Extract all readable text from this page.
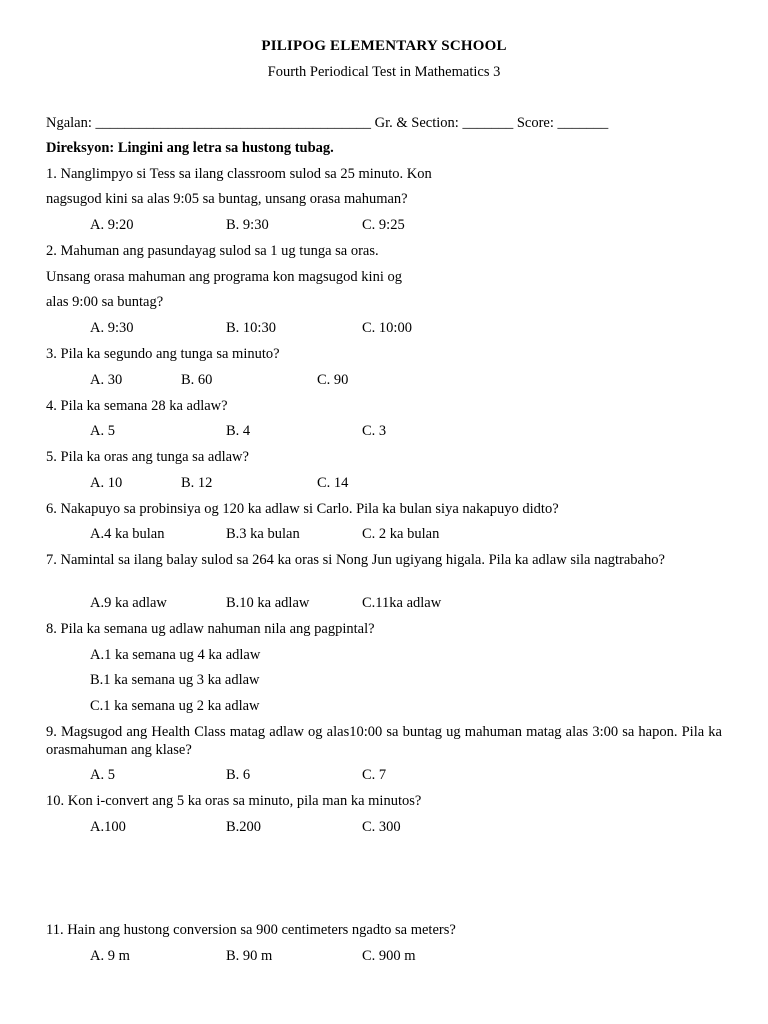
PILIPOG ELEMENTARY SCHOOL
Fourth Periodical Test in Mathematics 3
Ngalan: ______________________________________ Gr. & Section: _______ Score: _______
Direksyon: Lingini ang letra sa hustong tubag.
1. Nanglimpyo si Tess sa ilang classroom sulod sa 25 minuto. Kon
nagsugod kini sa alas 9:05 sa buntag, unsang orasa mahuman?
A. 9:20	B. 9:30	C. 9:25
2. Mahuman ang pasundayag sulod sa 1 ug tunga sa oras.
Unsang orasa mahuman ang programa kon magsugod kini og
alas 9:00 sa buntag?
A. 9:30	B. 10:30	C. 10:00
3. Pila ka segundo ang tunga sa minuto?
A. 30	B. 60	C. 90
4. Pila ka semana 28 ka adlaw?
A. 5	B. 4	C. 3
5. Pila ka oras ang tunga sa adlaw?
A. 10	B. 12	C. 14
6. Nakapuyo sa probinsiya og 120 ka adlaw si Carlo. Pila ka bulan siya nakapuyo didto?
A.4 ka bulan	B.3 ka bulan	C. 2 ka bulan
7. Namintal sa ilang balay sulod sa 264 ka oras si Nong Jun ugiyang higala. Pila ka adlaw sila nagtrabaho?
A.9 ka adlaw	B.10 ka adlaw	C.11ka adlaw
8. Pila ka semana ug adlaw nahuman nila ang pagpintal?
A.1 ka semana ug 4 ka adlaw
B.1 ka semana ug 3 ka adlaw
C.1 ka semana ug 2 ka adlaw
9. Magsugod ang Health Class matag adlaw og alas10:00 sa buntag ug mahuman matag alas 3:00 sa hapon. Pila ka orasmahuman ang klase?
A. 5	B. 6	C. 7
10. Kon i-convert ang 5 ka oras sa minuto, pila man ka minutos?
A.100	B.200	C. 300
11. Hain ang hustong conversion sa 900 centimeters ngadto sa meters?
A. 9 m	B. 90 m	C. 900 m
